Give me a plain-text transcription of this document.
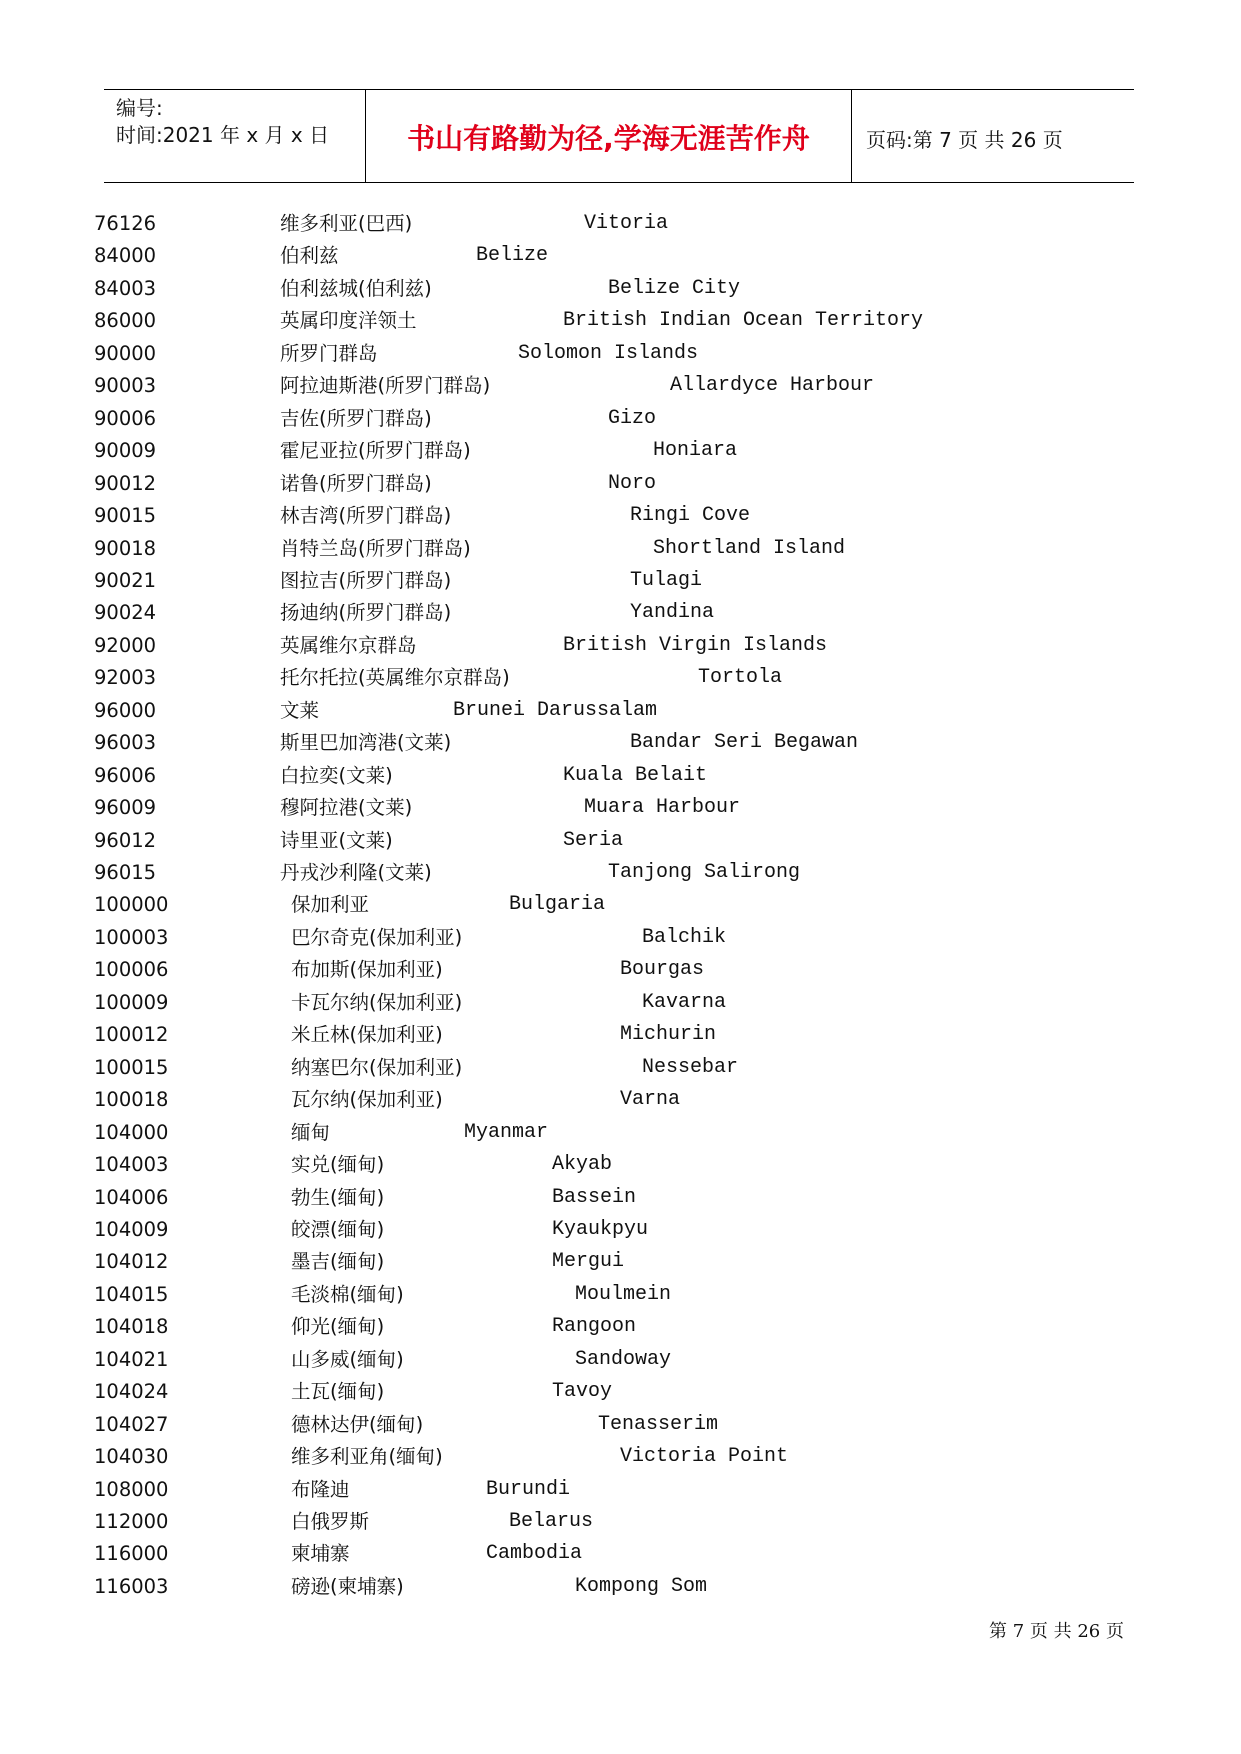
编号:
时间:2021 年 x 月 x 日	书山有路勤为径,学海无涯苦作舟	页码:第 7 页 共 26 页
76126	维多利亚(巴西)	Vitoria
84000	伯利兹	Belize
84003	伯利兹城(伯利兹)	Belize City
86000	英属印度洋领土	British Indian Ocean Territory
90000	所罗门群岛	Solomon Islands
90003	阿拉迪斯港(所罗门群岛)	Allardyce Harbour
90006	吉佐(所罗门群岛)	Gizo
90009	霍尼亚拉(所罗门群岛)	Honiara
90012	诺鲁(所罗门群岛)	Noro
90015	林吉湾(所罗门群岛)	Ringi Cove
90018	肖特兰岛(所罗门群岛)	Shortland Island
90021	图拉吉(所罗门群岛)	Tulagi
90024	扬迪纳(所罗门群岛)	Yandina
92000	英属维尔京群岛	British Virgin Islands
92003	托尔托拉(英属维尔京群岛)	Tortola
96000	文莱	Brunei Darussalam
96003	斯里巴加湾港(文莱)	Bandar Seri Begawan
96006	白拉奕(文莱)	Kuala Belait
96009	穆阿拉港(文莱)	Muara Harbour
96012	诗里亚(文莱)	Seria
96015	丹戎沙利隆(文莱)	Tanjong Salirong
100000	保加利亚	Bulgaria
100003	巴尔奇克(保加利亚)	Balchik
100006	布加斯(保加利亚)	Bourgas
100009	卡瓦尔纳(保加利亚)	Kavarna
100012	米丘林(保加利亚)	Michurin
100015	纳塞巴尔(保加利亚)	Nessebar
100018	瓦尔纳(保加利亚)	Varna
104000	缅甸	Myanmar
104003	实兑(缅甸)	Akyab
104006	勃生(缅甸)	Bassein
104009	皎漂(缅甸)	Kyaukpyu
104012	墨吉(缅甸)	Mergui
104015	毛淡棉(缅甸)	Moulmein
104018	仰光(缅甸)	Rangoon
104021	山多威(缅甸)	Sandoway
104024	土瓦(缅甸)	Tavoy
104027	德林达伊(缅甸)	Tenasserim
104030	维多利亚角(缅甸)	Victoria Point
108000	布隆迪	Burundi
112000	白俄罗斯	Belarus
116000	柬埔寨	Cambodia
116003	磅逊(柬埔寨)	Kompong Som
第 7 页 共 26 页
